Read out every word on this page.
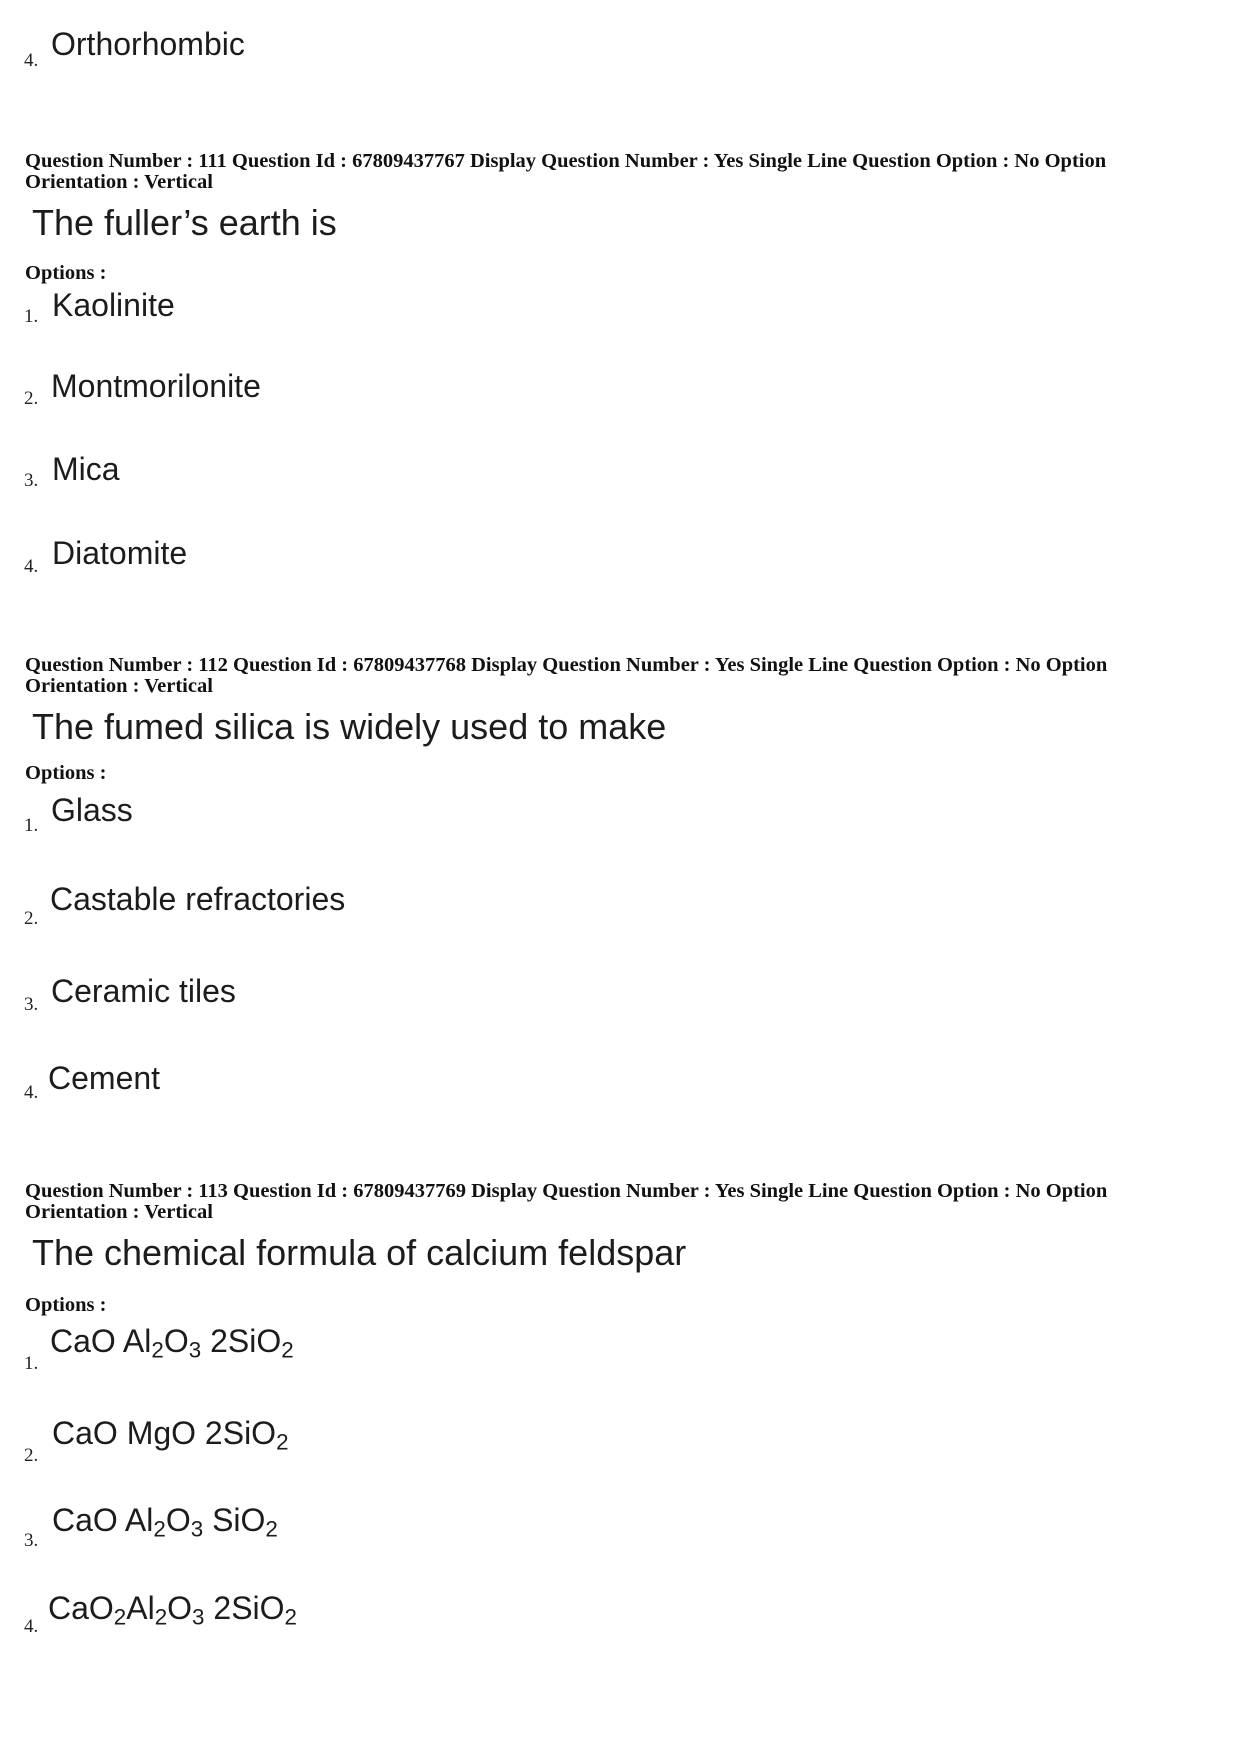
4. Orthorhombic
Question Number : 111 Question Id : 67809437767 Display Question Number : Yes Single Line Question Option : No Option Orientation : Vertical
The fuller’s earth is
Options :
1. Kaolinite
2. Montmorilonite
3. Mica
4. Diatomite
Question Number : 112 Question Id : 67809437768 Display Question Number : Yes Single Line Question Option : No Option Orientation : Vertical
The fumed silica is widely used to make
Options :
1. Glass
2.
Castable refractories
3. Ceramic tiles
4. Cement
Question Number : 113 Question Id : 67809437769 Display Question Number : Yes Single Line Question Option : No Option Orientation : Vertical
The chemical formula of calcium feldspar
Options :
1.
CaO $Al_2O_3$ 2SiO$_2$
2.
CaO MgO 2SiO$_2$
3.
CaO $Al_2O_3$ SiO$_2$
4.
$CaO_2Al_2O_3$ 2SiO$_2$
